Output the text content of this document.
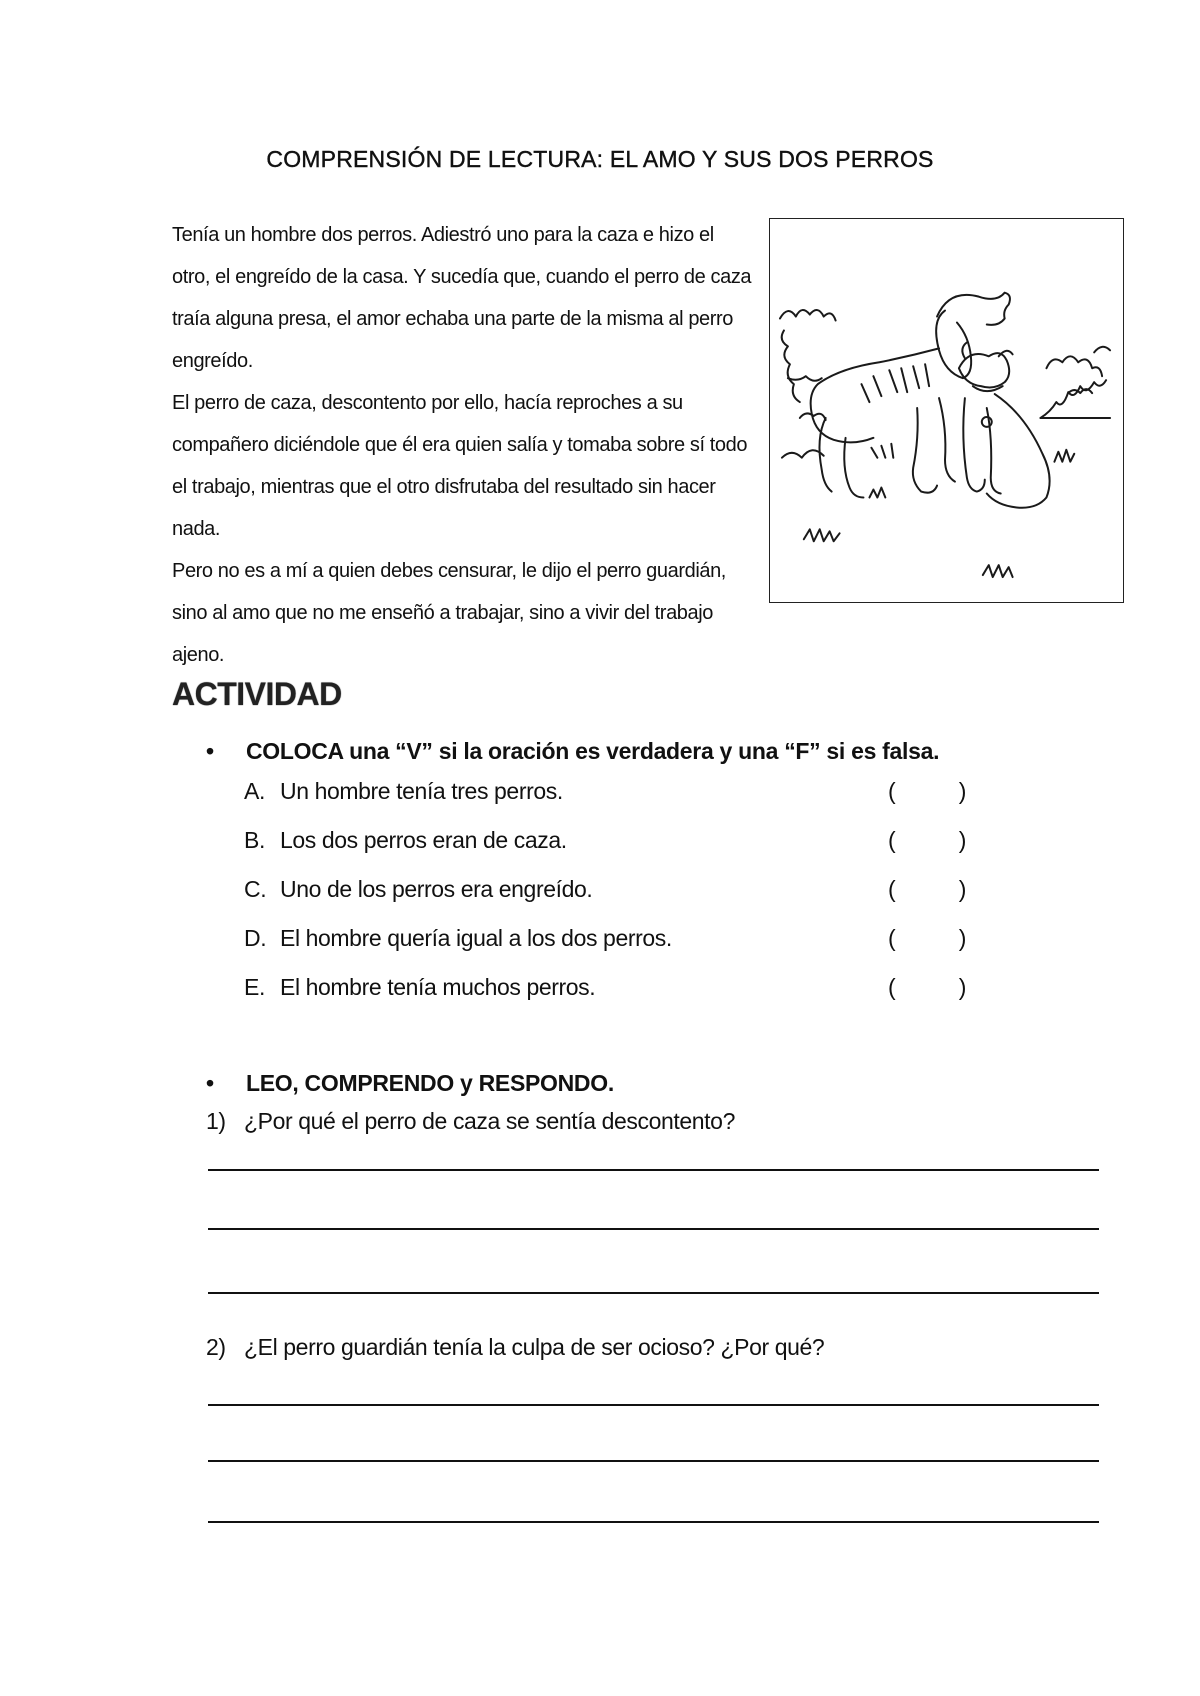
COMPRENSIÓN DE LECTURA: EL AMO Y SUS DOS PERROS

Tenía un hombre dos perros. Adiestró uno para la caza e hizo el otro, el engreído de la casa. Y sucedía que, cuando el perro de caza traía alguna presa, el amor echaba una parte de la misma al perro engreído.

El perro de caza, descontento por ello, hacía reproches a su compañero diciéndole que él era quien salía y tomaba sobre sí todo el trabajo, mientras que el otro disfrutaba del resultado sin hacer nada.

Pero no es a mí a quien debes censurar, le dijo el perro guardián, sino al amo que no me enseñó a trabajar, sino a vivir del trabajo ajeno.

ACTIVIDAD
• COLOCA una “V” si la oración es verdadera y una “F” si es falsa.
A. Un hombre tenía tres perros.	(	)
B. Los dos perros eran de caza.	(	)
C. Uno de los perros era engreído.	(	)
D. El hombre quería igual a los dos perros.	(	)
E. El hombre tenía muchos perros.	(	)
• LEO, COMPRENDO y RESPONDO.
1) ¿Por qué el perro de caza se sentía descontento?
2) ¿El perro guardián tenía la culpa de ser ocioso? ¿Por qué?
